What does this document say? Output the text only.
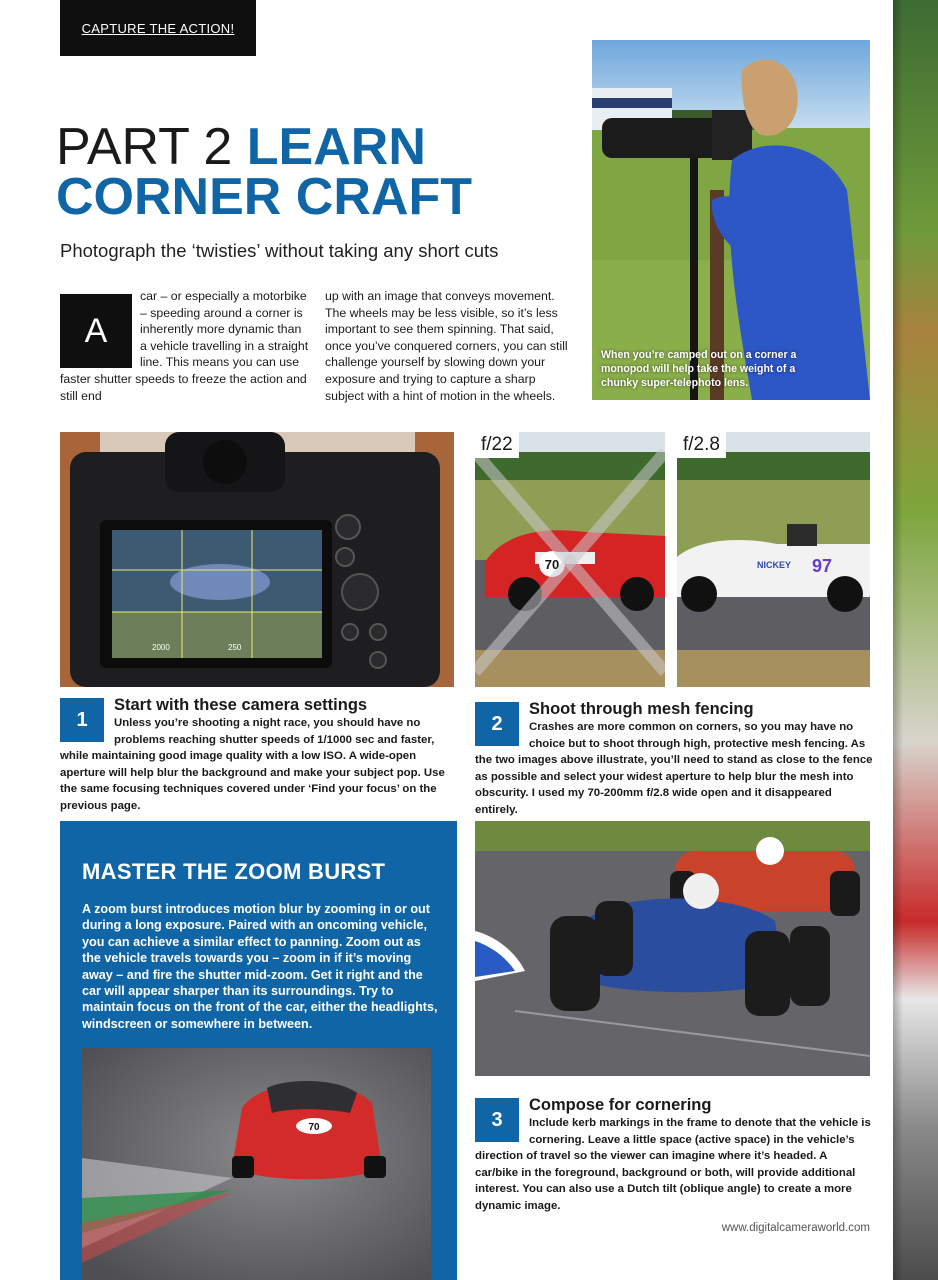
CAPTURE THE ACTION!
PART 2 LEARN
CORNER CRAFT
Photograph the ‘twisties’ without taking any short cuts
A
car – or especially a motorbike – speeding around a corner is inherently more dynamic than a vehicle travelling in a straight line. This means you can use faster shutter speeds to freeze the action and still end
up with an image that conveys movement. The wheels may be less visible, so it’s less important to see them spinning. That said, once you’ve conquered corners, you can still challenge yourself by slowing down your exposure and trying to capture a sharp subject with a hint of motion in the wheels.
When you’re camped out on a corner a monopod will help take the weight of a chunky super-telephoto lens.
2000	250
70
f/22
NICKEY 97
f/2.8
1
Start with these camera settings
Unless you’re shooting a night race, you should have no problems reaching shutter speeds of 1/1000 sec and faster, while maintaining good image quality with a low ISO. A wide-open aperture will help blur the background and make your subject pop. Use the same focusing techniques covered under ‘Find your focus’ on the previous page.
2
Shoot through mesh fencing
Crashes are more common on corners, so you may have no choice but to shoot through high, protective mesh fencing. As the two images above illustrate, you’ll need to stand as close to the fence as possible and select your widest aperture to help blur the mesh into obscurity. I used my 70-200mm f/2.8 wide open and it disappeared entirely.
MASTER THE ZOOM BURST

A zoom burst introduces motion blur by zooming in or out during a long exposure. Paired with an oncoming vehicle, you can achieve a similar effect to panning. Zoom out as the vehicle travels towards you – zoom in if it’s moving away – and fire the shutter mid-zoom. Get it right and the car will appear sharper than its surroundings. Try to maintain focus on the front of the car, either the headlights, windscreen or somewhere in between.

70	3
Compose for cornering
Include kerb markings in the frame to denote that the vehicle is cornering. Leave a little space (active space) in the vehicle’s direction of travel so the viewer can imagine where it’s headed. A car/bike in the foreground, background or both, will provide additional interest. You can also use a Dutch tilt (oblique angle) to create a more dynamic image.
www.digitalcameraworld.com
